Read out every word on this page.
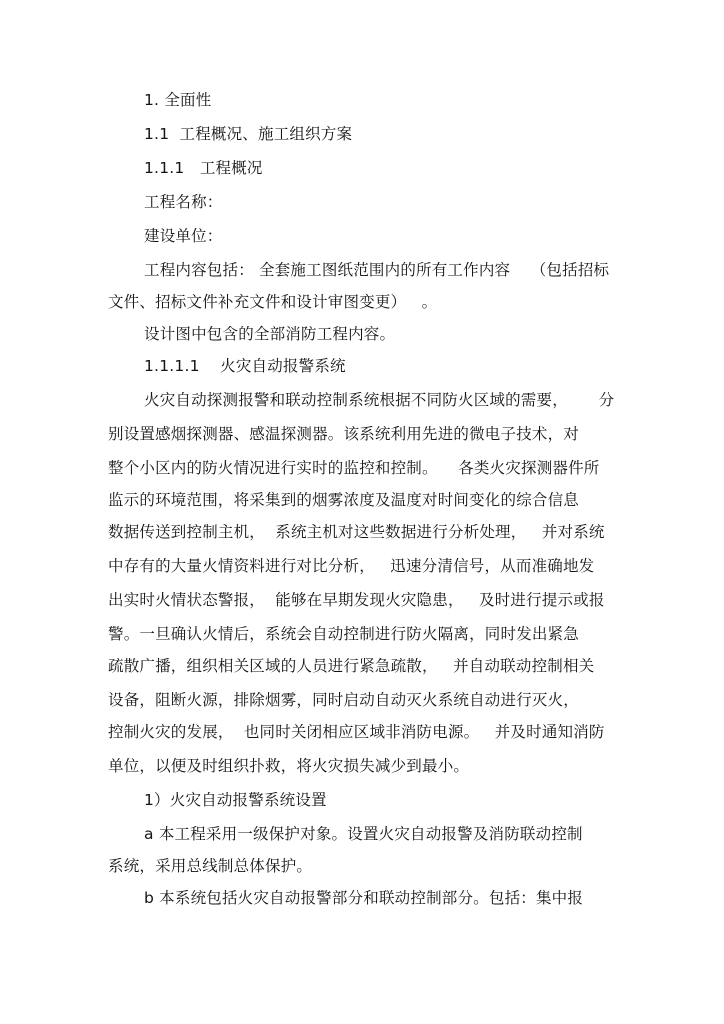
1. 全面性

1.1  工程概况、施工组织方案

1.1.1   工程概况

工程名称：

建设单位：

工程内容包括： 全套施工图纸范围内的所有工作内容    （包括招标

文件、招标文件补充文件和设计审图变更）   。

设计图中包含的全部消防工程内容。

1.1.1.1    火灾自动报警系统

火灾自动探测报警和联动控制系统根据不同防火区域的需要，      分

别设置感烟探测器、感温探测器。该系统利用先进的微电子技术，对

整个小区内的防火情况进行实时的监控和控制。    各类火灾探测器件所

监示的环境范围，将采集到的烟雾浓度及温度对时间变化的综合信息

数据传送到控制主机，  系统主机对这些数据进行分析处理，   并对系统

中存有的大量火情资料进行对比分析，   迅速分清信号，从而准确地发

出实时火情状态警报，  能够在早期发现火灾隐患，   及时进行提示或报

警。一旦确认火情后，系统会自动控制进行防火隔离，同时发出紧急

疏散广播，组织相关区域的人员进行紧急疏散，   并自动联动控制相关

设备，阻断火源，排除烟雾，同时启动自动灭火系统自动进行灭火，

控制火灾的发展，  也同时关闭相应区域非消防电源。   并及时通知消防

单位，以便及时组织扑救，将火灾损失减少到最小。

1）火灾自动报警系统设置

a 本工程采用一级保护对象。设置火灾自动报警及消防联动控制

系统，采用总线制总体保护。

b 本系统包括火灾自动报警部分和联动控制部分。包括：集中报
